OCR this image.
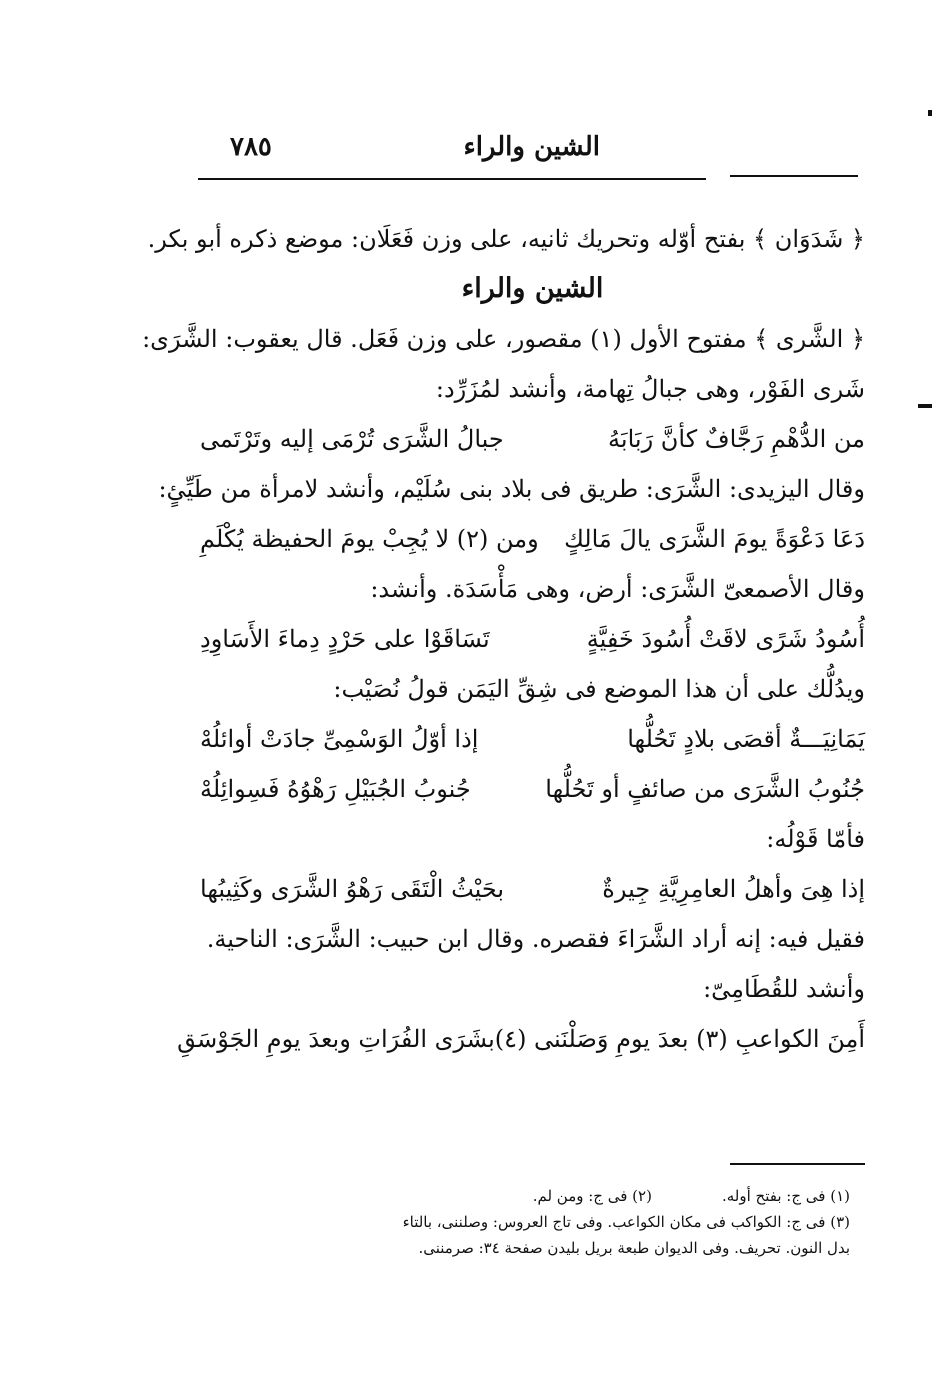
الشين والراء
٧٨٥
﴿ شَدَوَان ﴾ بفتح أوّله وتحريك ثانيه، على وزن فَعَلَان: موضع ذكره أبو بكر.
الشين والراء
﴿ الشَّرى ﴾ مفتوح الأول (١) مقصور، على وزن فَعَل. قال يعقوب: الشَّرَى:
شَرى الفَوْر، وهى جبالُ تِهامة، وأنشد لمُزَرِّد:
من الدُّهْمِ رَجَّافٌ كأنَّ رَبَابَهُ
جبالُ الشَّرَى تُرْمَى إليه وتَرْتَمى
وقال اليزيدى: الشَّرَى: طريق فى بلاد بنى سُلَيْم، وأنشد لامرأة من طَيِّئٍ:
دَعَا دَعْوَةً يومَ الشَّرَى يالَ مَالِكٍ
ومن (٢) لا يُجِبْ يومَ الحفيظة يُكْلَمِ
وقال الأصمعىّ الشَّرَى: أرض، وهى مَأْسَدَة. وأنشد:
أُسُودُ شَرًى لاقَتْ أُسُودَ خَفِيَّةٍ
تَسَاقَوْا على حَرْدٍ دِماءَ الأَسَاوِدِ
ويدُلُّك على أن هذا الموضع فى شِقِّ اليَمَن قولُ نُصَيْب:
يَمَانِيَـــةٌ أقصَى بلادٍ تَحُلُّها
إذا أوّلُ الوَسْمِىِّ جادَتْ أوائلُهْ
جُنُوبُ الشَّرَى من صائفٍ أو تَحُلُّها
جُنوبُ الجُبَيْلِ رَهْوُهُ فَسِوائِلُهْ
فأمّا قَوْلُه:
إذا هِىَ وأهلُ العامِرِيَّةِ جِيرةٌ
بحَيْثُ الْتَقَى رَهْوُ الشَّرَى وكَثِيبُها
فقيل فيه: إنه أراد الشَّرَاءَ فقصره. وقال ابن حبيب: الشَّرَى: الناحية.
وأنشد للقُطَامِىّ:
أَمِنَ الكواعبِ (٣) بعدَ يومِ وَصَلْنَنى (٤)
بشَرَى الفُرَاتِ وبعدَ يومِ الجَوْسَقِ
(١) فى ج: بفتح أوله.
(٢) فى ج: ومن لم.
(٣) فى ج: الكواكب فى مكان الكواعب. وفى تاج العروس: وصلننى، بالتاء
بدل النون. تحريف. وفى الديوان طبعة بريل بليدن صفحة ٣٤: صرمننى.
